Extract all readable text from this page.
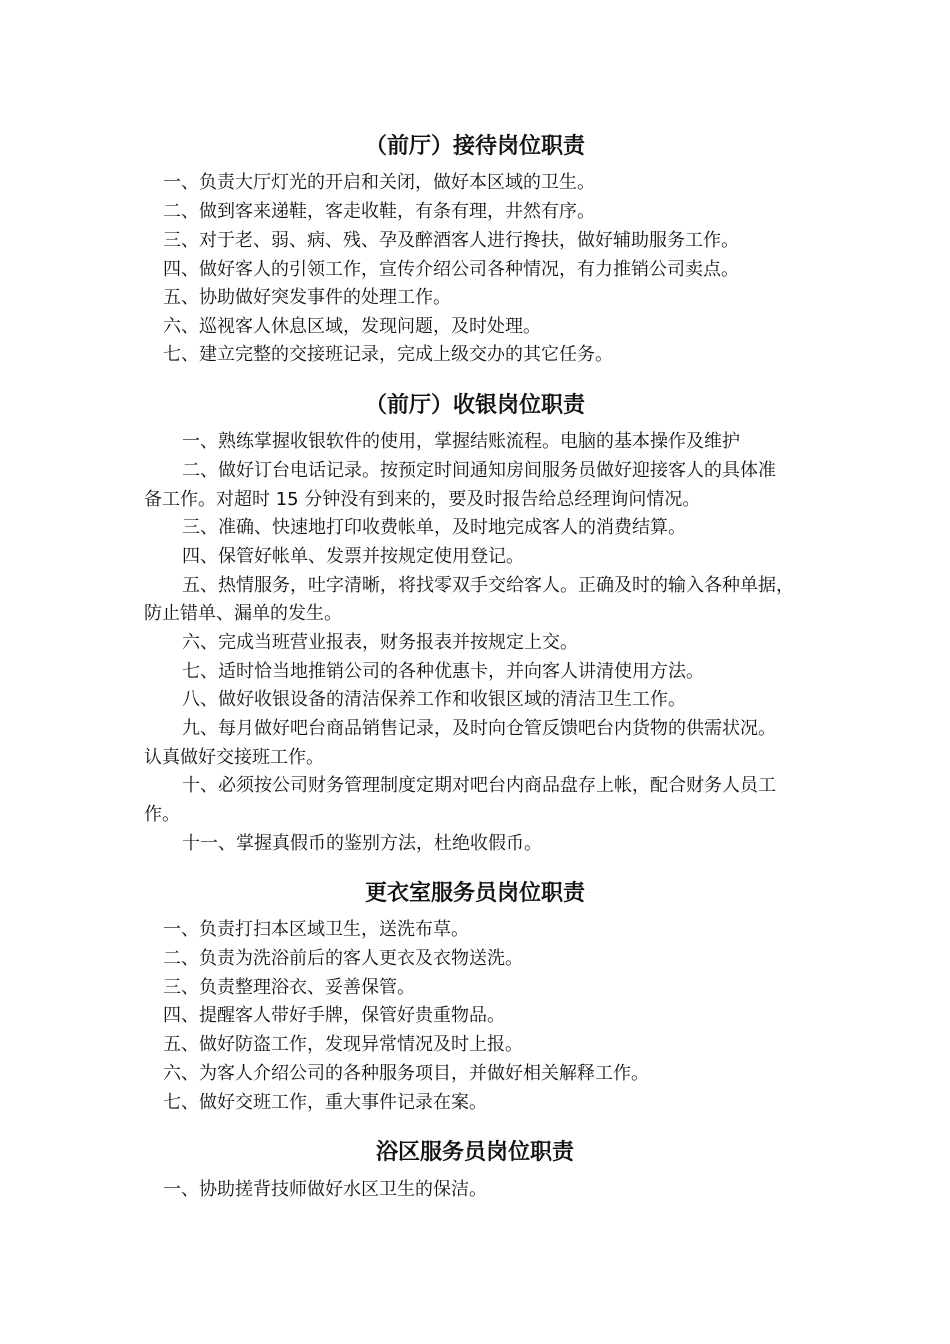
（前厅）接待岗位职责
一、负责大厅灯光的开启和关闭，做好本区域的卫生。
二、做到客来递鞋，客走收鞋，有条有理，井然有序。
三、对于老、弱、病、残、孕及醉酒客人进行搀扶，做好辅助服务工作。
四、做好客人的引领工作，宣传介绍公司各种情况，有力推销公司卖点。
五、协助做好突发事件的处理工作。
六、巡视客人休息区域，发现问题，及时处理。
七、建立完整的交接班记录，完成上级交办的其它任务。
（前厅）收银岗位职责
一、熟练掌握收银软件的使用，掌握结账流程。电脑的基本操作及维护
二、做好订台电话记录。按预定时间通知房间服务员做好迎接客人的具体准
备工作。对超时 15 分钟没有到来的，要及时报告给总经理询问情况。
三、准确、快速地打印收费帐单，及时地完成客人的消费结算。
四、保管好帐单、发票并按规定使用登记。
五、热情服务，吐字清晰，将找零双手交给客人。正确及时的输入各种单据，
防止错单、漏单的发生。
六、完成当班营业报表，财务报表并按规定上交。
七、适时恰当地推销公司的各种优惠卡，并向客人讲清使用方法。
八、做好收银设备的清洁保养工作和收银区域的清洁卫生工作。
九、每月做好吧台商品销售记录，及时向仓管反馈吧台内货物的供需状况。
认真做好交接班工作。
十、必须按公司财务管理制度定期对吧台内商品盘存上帐，配合财务人员工
作。
十一、掌握真假币的鉴别方法，杜绝收假币。
更衣室服务员岗位职责
一、负责打扫本区域卫生，送洗布草。
二、负责为洗浴前后的客人更衣及衣物送洗。
三、负责整理浴衣、妥善保管。
四、提醒客人带好手牌，保管好贵重物品。
五、做好防盗工作，发现异常情况及时上报。
六、为客人介绍公司的各种服务项目，并做好相关解释工作。
七、做好交班工作，重大事件记录在案。
浴区服务员岗位职责
一、协助搓背技师做好水区卫生的保洁。
